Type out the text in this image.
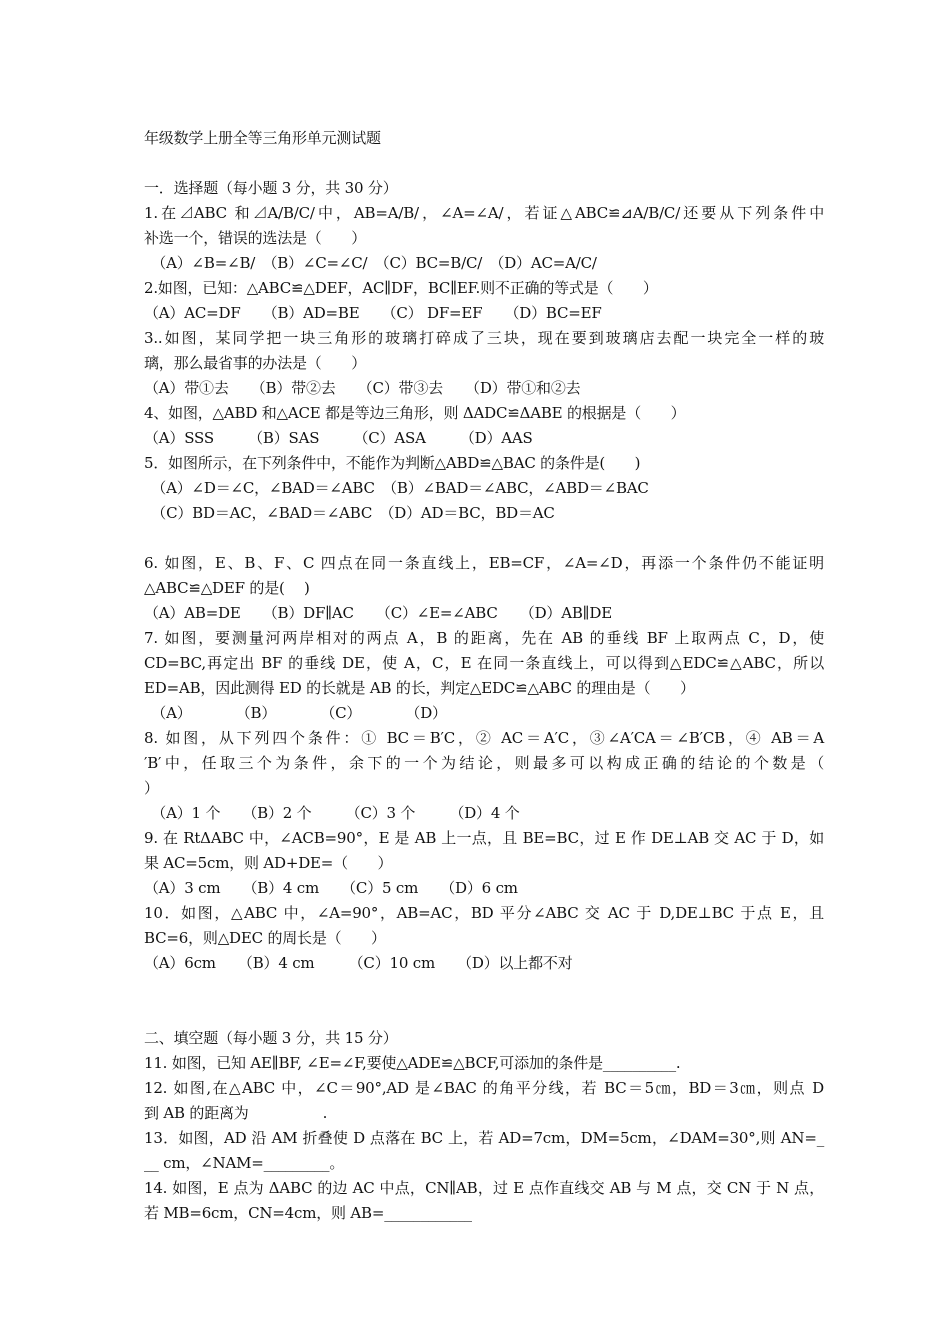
年级数学上册全等三角形单元测试题
一．选择题（每小题 3 分，共 30 分）
1.在⊿ABC 和⊿A/B/C/中，AB=A/B/，∠A=∠A/，若证△ABC≌⊿A/B/C/还要从下列条件中
补选一个，错误的选法是（　　）
　（A）∠B=∠B/　（B）∠C=∠C/　（C）BC=B/C/　（D）AC=A/C/
2.如图，已知：△ABC≌△DEF，AC∥DF，BC∥EF.则不正确的等式是（　　）
（A）AC=DF　　（B）AD=BE　　（C） DF=EF　　（D）BC=EF
3..如图，某同学把一块三角形的玻璃打碎成了三块，现在要到玻璃店去配一块完全一样的玻
璃，那么最省事的办法是（　　）
（A）带①去　　（B）带②去　　（C）带③去　　（D）带①和②去
4、如图，△ABD 和△ACE 都是等边三角形，则 ΔADC≌ΔABE 的根据是（　　）
（A）SSS　　 （B）SAS　　 （C）ASA　　 （D）AAS
5．如图所示，在下列条件中，不能作为判断△ABD≌△BAC 的条件是(　　)
　（A）∠D＝∠C，∠BAD＝∠ABC　（B）∠BAD＝∠ABC，∠ABD＝∠BAC
　（C）BD＝AC，∠BAD＝∠ABC　（D）AD＝BC，BD＝AC
6. 如图，E、B、F、C 四点在同一条直线上，EB=CF，∠A=∠D，再添一个条件仍不能证明
△ABC≌△DEF 的是(　 )
（A）AB=DE　　（B）DF∥AC　　（C）∠E=∠ABC　　（D）AB∥DE
7. 如图，要测量河两岸相对的两点 A，B 的距离，先在 AB 的垂线 BF 上取两点 C，D，使
CD=BC,再定出 BF 的垂线 DE，使 A，C，E 在同一条直线上，可以得到△EDC≌△ABC，所以
ED=AB，因此测得 ED 的长就是 AB 的长，判定△EDC≌△ABC 的理由是（　　）
　（A）　　　　（B）　　　　（C）　　　　（D）
8. 如图，从下列四个条件：① BC＝B′C，② AC＝A′C，③∠A′CA＝∠B′CB，④ AB＝A
′B′中，任取三个为条件，余下的一个为结论，则最多可以构成正确的结论的个数是（
）
　（A）1 个　　（B）2 个　　 （C）3 个　　 （D）4 个
9. 在 RtΔABC 中，∠ACB=90°，E 是 AB 上一点，且 BE=BC，过 E 作 DE⊥AB 交 AC 于 D，如
果 AC=5cm，则 AD+DE=（　　）
（A）3 cm　　（B）4 cm　　（C）5 cm　　（D）6 cm
10．如图，△ABC 中，∠A=90°，AB=AC，BD 平分∠ABC 交 AC 于 D,DE⊥BC 于点 E，且
BC=6，则△DEC 的周长是（　　）
（A）6cm　　（B）4 cm　　 （C）10 cm　　（D）以上都不对
二、填空题（每小题 3 分，共 15 分）
11. 如图，已知 AE∥BF, ∠E=∠F,要使△ADE≌△BCF,可添加的条件是__________.
12. 如图,在△ABC 中，∠C＝90°,AD 是∠BAC 的角平分线，若 BC＝5㎝，BD＝3㎝，则点 D
到 AB 的距离为　　　　　.
13．如图，AD 沿 AM 折叠使 D 点落在 BC 上，若 AD=7cm，DM=5cm，∠DAM=30°,则 AN=_
__ cm，∠NAM=_________。
14. 如图，E 点为 ΔABC 的边 AC 中点，CN∥AB，过 E 点作直线交 AB 与 M 点，交 CN 于 N 点，
若 MB=6cm，CN=4cm，则 AB=____________
